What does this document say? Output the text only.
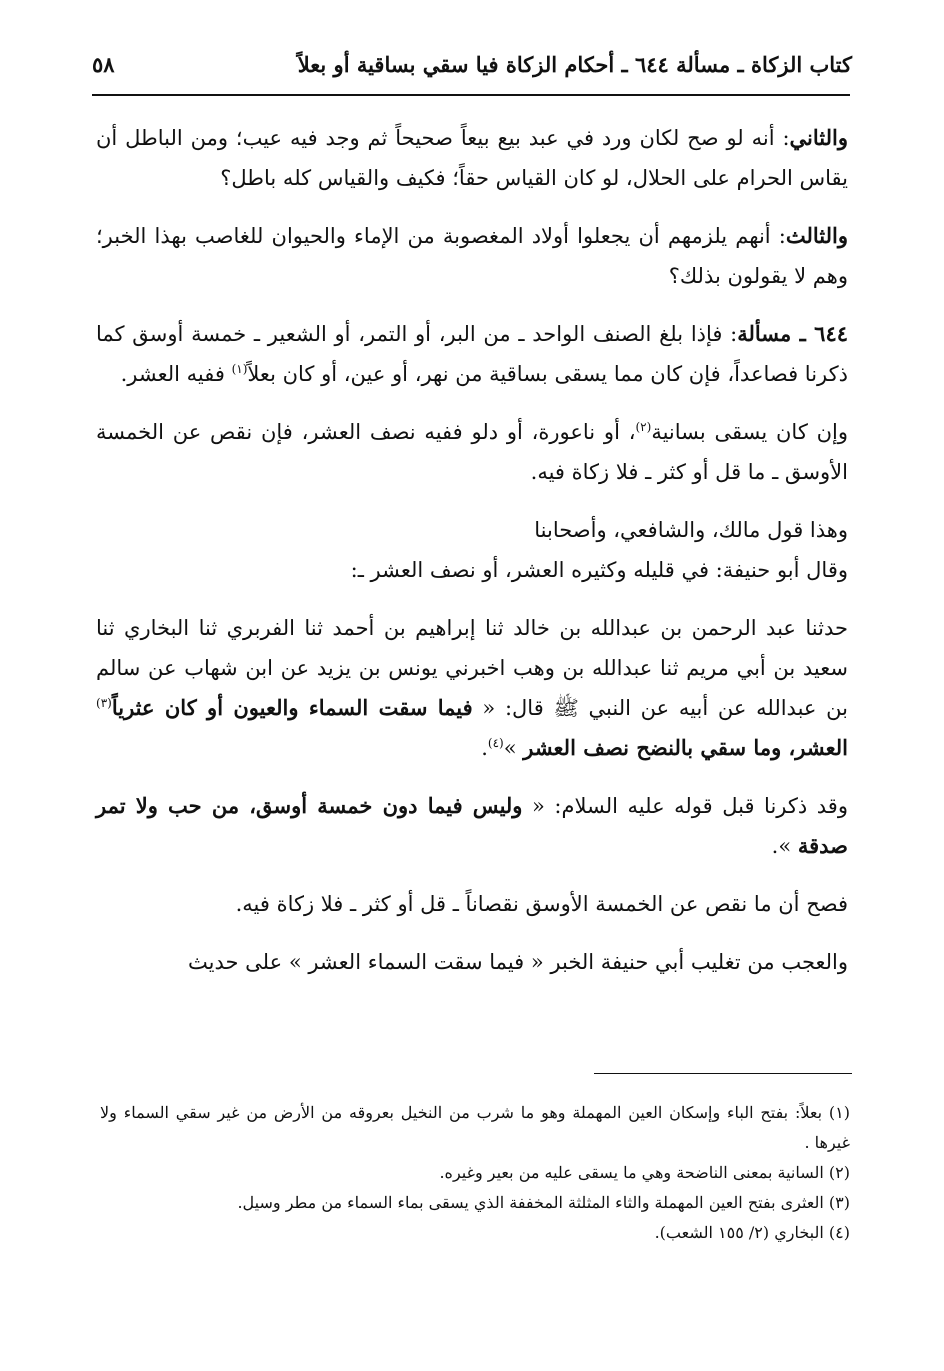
كتاب الزكاة ـ مسألة ٦٤٤ ـ أحكام الزكاة فيا سقي بساقية أو بعلاً
٥٨

والثاني: أنه لو صح لكان ورد في عبد بيع بيعاً صحيحاً ثم وجد فيه عيب؛ ومن الباطل أن يقاس الحرام على الحلال، لو كان القياس حقاً؛ فكيف والقياس كله باطل؟

والثالث: أنهم يلزمهم أن يجعلوا أولاد المغصوبة من الإماء والحيوان للغاصب بهذا الخبر؛ وهم لا يقولون بذلك؟

٦٤٤ ـ مسألة: فإذا بلغ الصنف الواحد ـ من البر، أو التمر، أو الشعير ـ خمسة أوسق كما ذكرنا فصاعداً، فإن كان مما يسقى بساقية من نهر، أو عين، أو كان بعلاً$^{(١)}$ ففيه العشر.

وإن كان يسقى بسانية$^{(٢)}$، أو ناعورة، أو دلو ففيه نصف العشر، فإن نقص عن الخمسة الأوسق ـ ما قل أو كثر ـ فلا زكاة فيه.

وهذا قول مالك، والشافعي، وأصحابنا

وقال أبو حنيفة: في قليله وكثيره العشر، أو نصف العشر ـ:

حدثنا عبد الرحمن بن عبدالله بن خالد ثنا إبراهيم بن أحمد ثنا الفربري ثنا البخاري ثنا سعيد بن أبي مريم ثنا عبدالله بن وهب اخبرني يونس بن يزيد عن ابن شهاب عن سالم بن عبدالله عن أبيه عن النبي ﷺ قال: « فيما سقت السماء والعيون أو كان عثرياً$^{(٣)}$ العشر، وما سقي بالنضح نصف العشر »$^{(٤)}$.

وقد ذكرنا قبل قوله عليه السلام: « وليس فيما دون خمسة أوسق، من حب ولا تمر صدقة ».

فصح أن ما نقص عن الخمسة الأوسق نقصاناً ـ قل أو كثر ـ فلا زكاة فيه.

والعجب من تغليب أبي حنيفة الخبر « فيما سقت السماء العشر » على حديث

(١) بعلاً: بفتح الباء وإسكان العين المهملة وهو ما شرب من النخيل بعروقه من الأرض من غير سقي السماء ولا غيرها .

(٢) السانية بمعنى الناضحة وهي ما يسقى عليه من بعير وغيره.

(٣) العثرى بفتح العين المهملة والثاء المثلثة المخففة الذي يسقى بماء السماء من مطر وسيل.

(٤) البخاري (٢/ ١٥٥ الشعب).
